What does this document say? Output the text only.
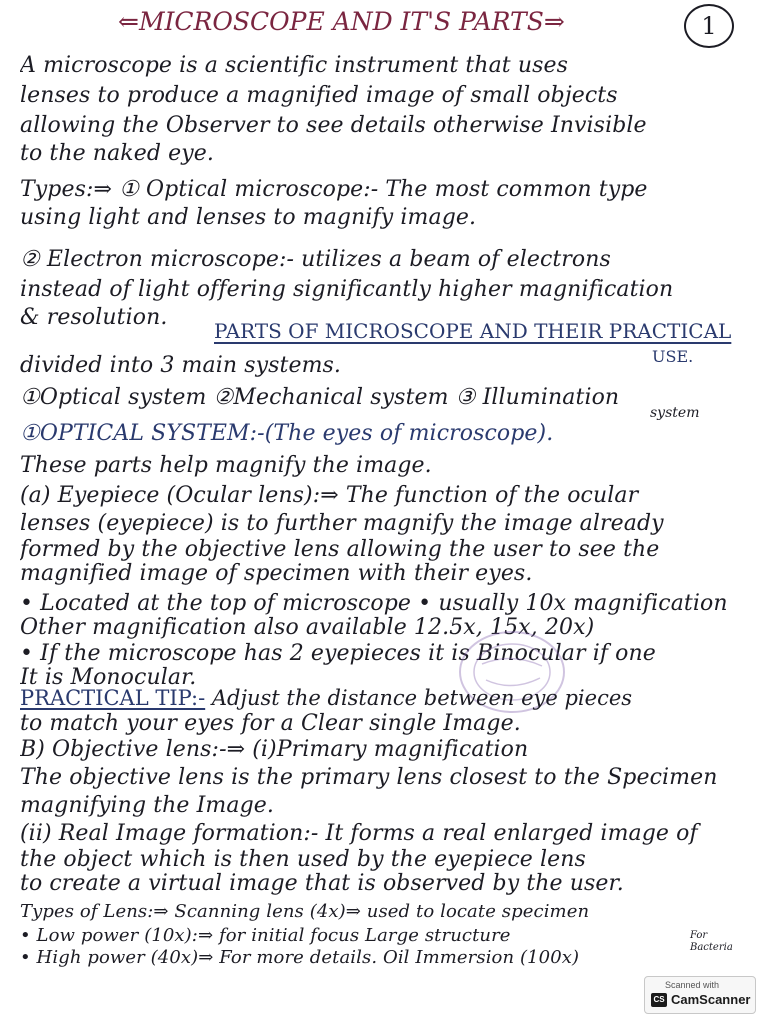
⇐MICROSCOPE AND IT'S PARTS⇒	1
A microscope is a scientific instrument that uses
lenses to produce a magnified image of small objects
allowing the Observer to see details otherwise Invisible
to the naked eye.
Types:⇒ ① Optical microscope:- The most common type
using light and lenses to magnify image.
② Electron microscope:- utilizes a beam of electrons
instead of light offering significantly higher magnification
& resolution.
PARTS OF MICROSCOPE AND THEIR PRACTICAL
USE.
divided into 3 main systems.
①Optical system ②Mechanical system ③ Illumination
system
①OPTICAL SYSTEM:-(The eyes of microscope).
These parts help magnify the image.
(a) Eyepiece (Ocular lens):⇒ The function of the ocular
lenses (eyepiece) is to further magnify the image already
formed by the objective lens allowing the user to see the
magnified image of specimen with their eyes.
• Located at the top of microscope • usually 10x magnification
Other magnification also available 12.5x, 15x, 20x)
• If the microscope has 2 eyepieces it is Binocular if one
It is Monocular.
PRACTICAL TIP:- Adjust the distance between eye pieces
to match your eyes for a Clear single Image.
B) Objective lens:-⇒ (i)Primary magnification
The objective lens is the primary lens closest to the Specimen
magnifying the Image.
(ii) Real Image formation:- It forms a real enlarged image of
the object which is then used by the eyepiece lens
to create a virtual image that is observed by the user.
Types of Lens:⇒ Scanning lens (4x)⇒ used to locate specimen
• Low power (10x):⇒ for initial focus Large structure
• High power (40x)⇒ For more details. Oil Immersion (100x)
For Bacteria
Scanned with
CS CamScanner
